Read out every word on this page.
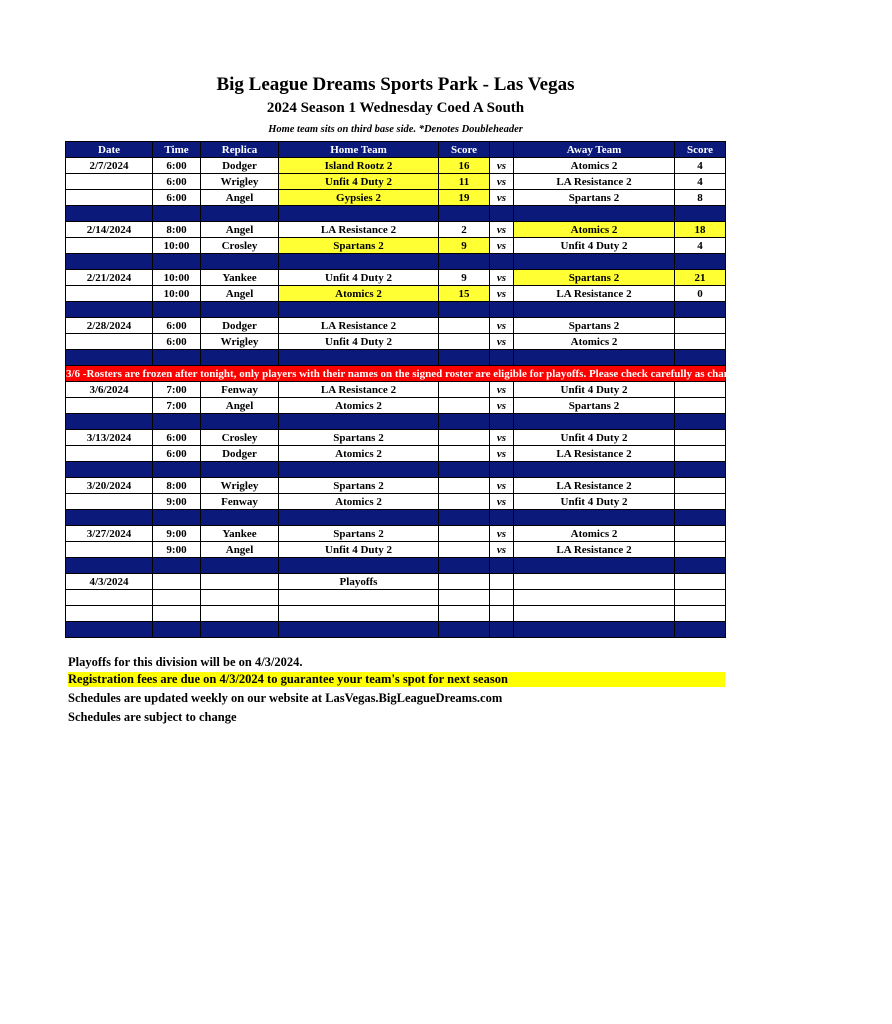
Big League Dreams Sports Park - Las Vegas
2024 Season 1 Wednesday Coed A South
Home team sits on third base side. *Denotes Doubleheader
Date	Time	Replica	Home Team	Score		Away Team	Score
2/7/2024	6:00	Dodger	Island Rootz 2	16	vs	Atomics 2	4
	6:00	Wrigley	Unfit 4 Duty 2	11	vs	LA Resistance 2	4
	6:00	Angel	Gypsies 2	19	vs	Spartans 2	8

2/14/2024	8:00	Angel	LA Resistance 2	2	vs	Atomics 2	18
	10:00	Crosley	Spartans 2	9	vs	Unfit 4 Duty 2	4

2/21/2024	10:00	Yankee	Unfit 4 Duty 2	9	vs	Spartans 2	21
	10:00	Angel	Atomics 2	15	vs	LA Resistance 2	0

2/28/2024	6:00	Dodger	LA Resistance 2		vs	Spartans 2	
	6:00	Wrigley	Unfit 4 Duty 2		vs	Atomics 2	

3/6 -Rosters are frozen after tonight, only players with their names on the signed roster are eligible for playoffs. Please check carefully as changes will not be made for omissions.							
3/6/2024	7:00	Fenway	LA Resistance 2		vs	Unfit 4 Duty 2	
	7:00	Angel	Atomics 2		vs	Spartans 2	

3/13/2024	6:00	Crosley	Spartans 2		vs	Unfit 4 Duty 2	
	6:00	Dodger	Atomics 2		vs	LA Resistance 2	

3/20/2024	8:00	Wrigley	Spartans 2		vs	LA Resistance 2	
	9:00	Fenway	Atomics 2		vs	Unfit 4 Duty 2	

3/27/2024	9:00	Yankee	Spartans 2		vs	Atomics 2	
	9:00	Angel	Unfit 4 Duty 2		vs	LA Resistance 2	

4/3/2024			Playoffs				

Playoffs for this division will be on 4/3/2024.
Registration fees are due on 4/3/2024 to guarantee your team's spot for next season
Schedules are updated weekly on our website at LasVegas.BigLeagueDreams.com
Schedules are subject to change
